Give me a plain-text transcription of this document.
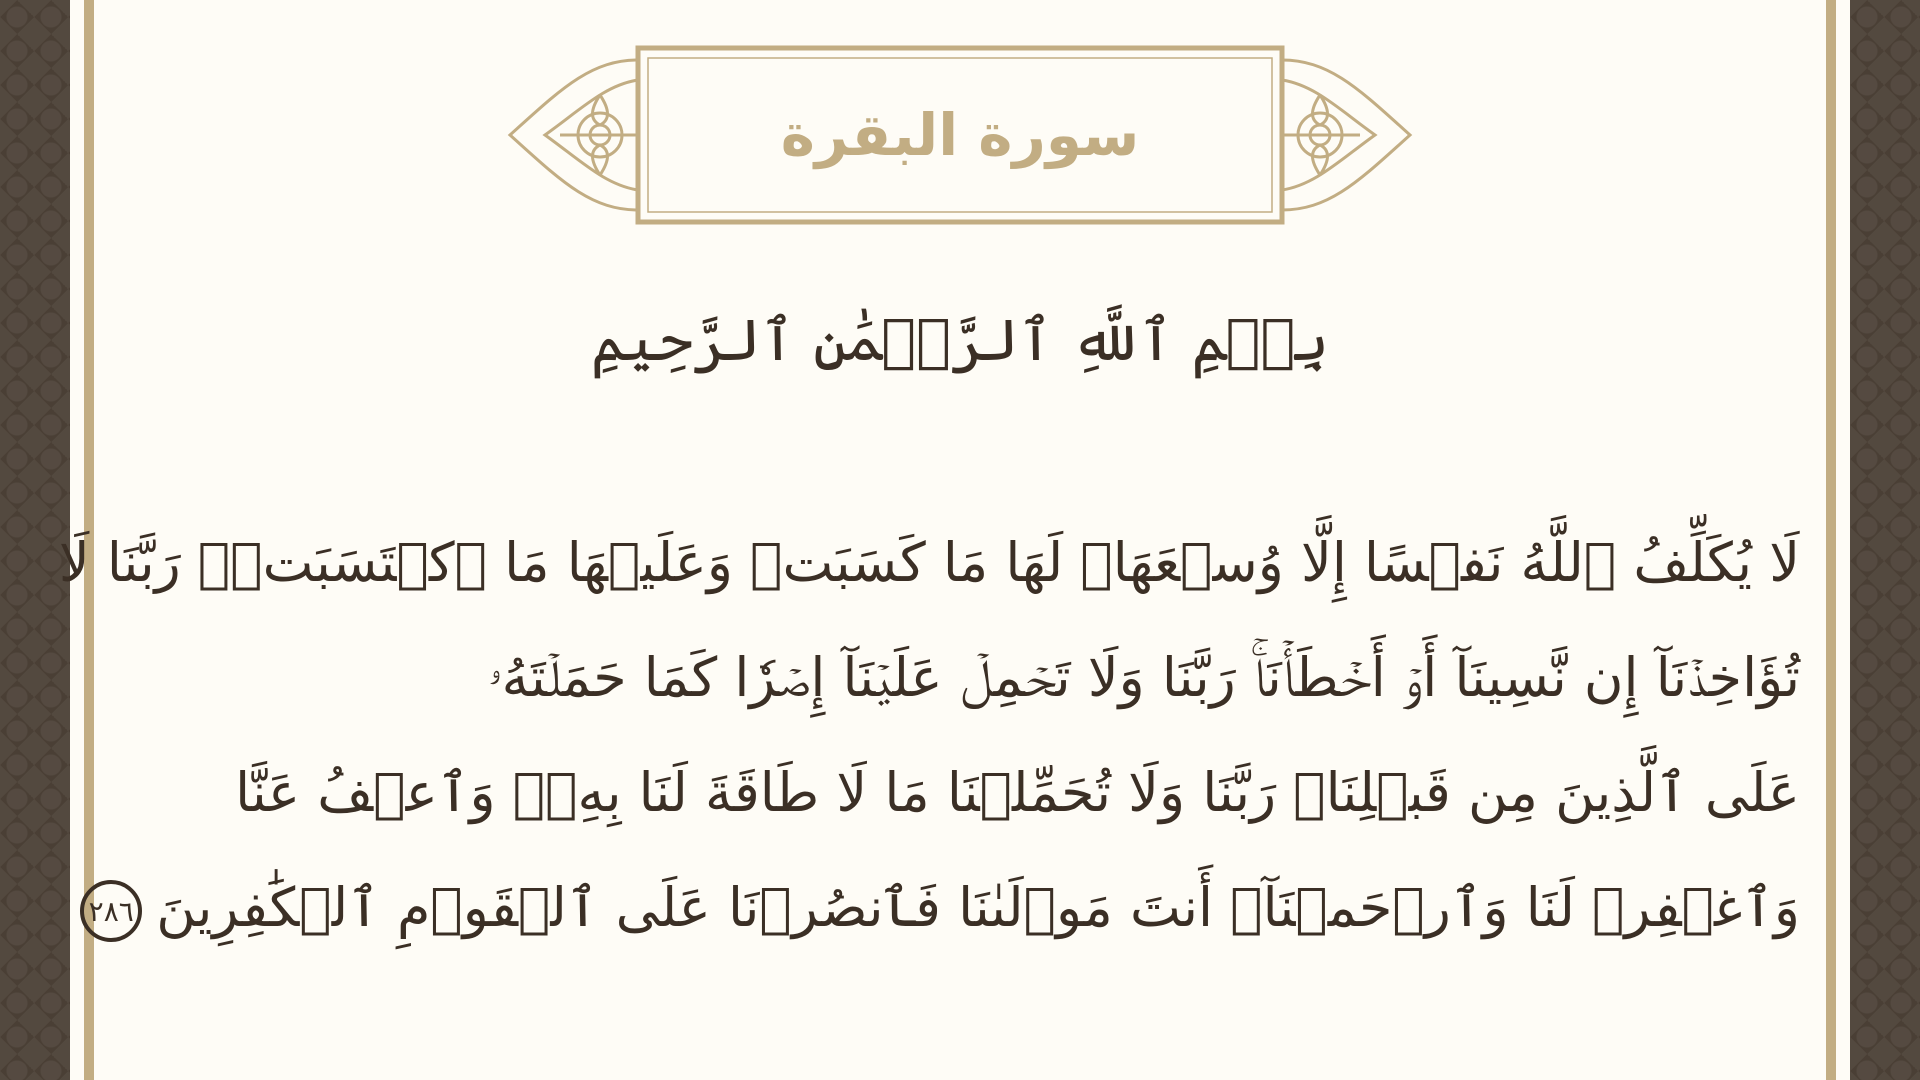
سورة البقرة
بِسۡمِ ٱللَّهِ ٱلرَّحۡمَٰنِ ٱلرَّحِيمِ
لَا يُكَلِّفُ ٱللَّهُ نَفۡسًا إِلَّا وُسۡعَهَاۚ لَهَا مَا كَسَبَتۡ وَعَلَيۡهَا مَا ٱكۡتَسَبَتۡۗ رَبَّنَا لَا
تُؤَاخِذۡنَآ إِن نَّسِينَآ أَوۡ أَخۡطَأۡنَاۚ رَبَّنَا وَلَا تَحۡمِلۡ عَلَيۡنَآ إِصۡرٗا كَمَا حَمَلۡتَهُۥ
عَلَى ٱلَّذِينَ مِن قَبۡلِنَاۚ رَبَّنَا وَلَا تُحَمِّلۡنَا مَا لَا طَاقَةَ لَنَا بِهِۦۖ وَٱعۡفُ عَنَّا
وَٱغۡفِرۡ لَنَا وَٱرۡحَمۡنَآۚ أَنتَ مَوۡلَىٰنَا فَٱنصُرۡنَا عَلَى ٱلۡقَوۡمِ ٱلۡكَٰفِرِينَ٢٨٦
